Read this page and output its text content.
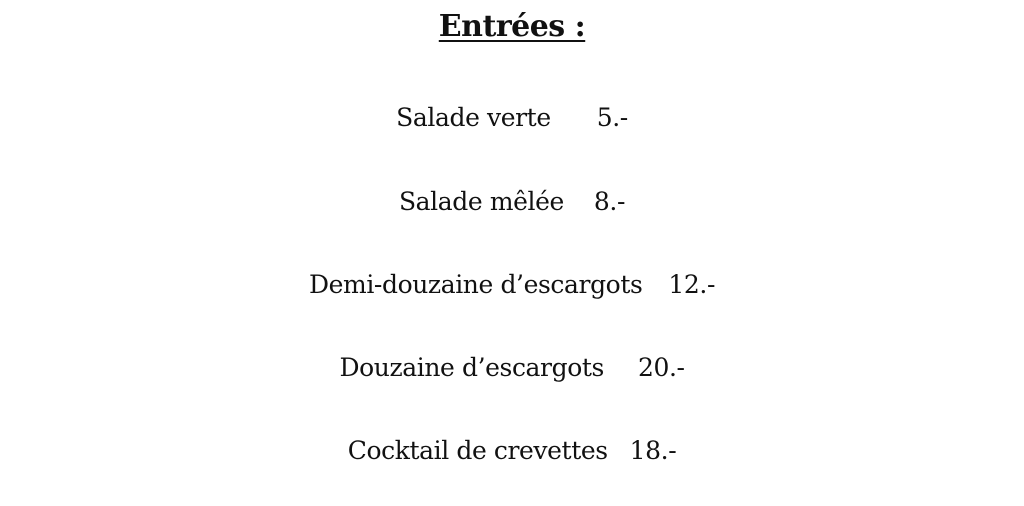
Entrées :
Salade verte 5.-
Salade mêlée 8.-
Demi-douzaine d’escargots 12.-
Douzaine d’escargots 20.-
Cocktail de crevettes 18.-
